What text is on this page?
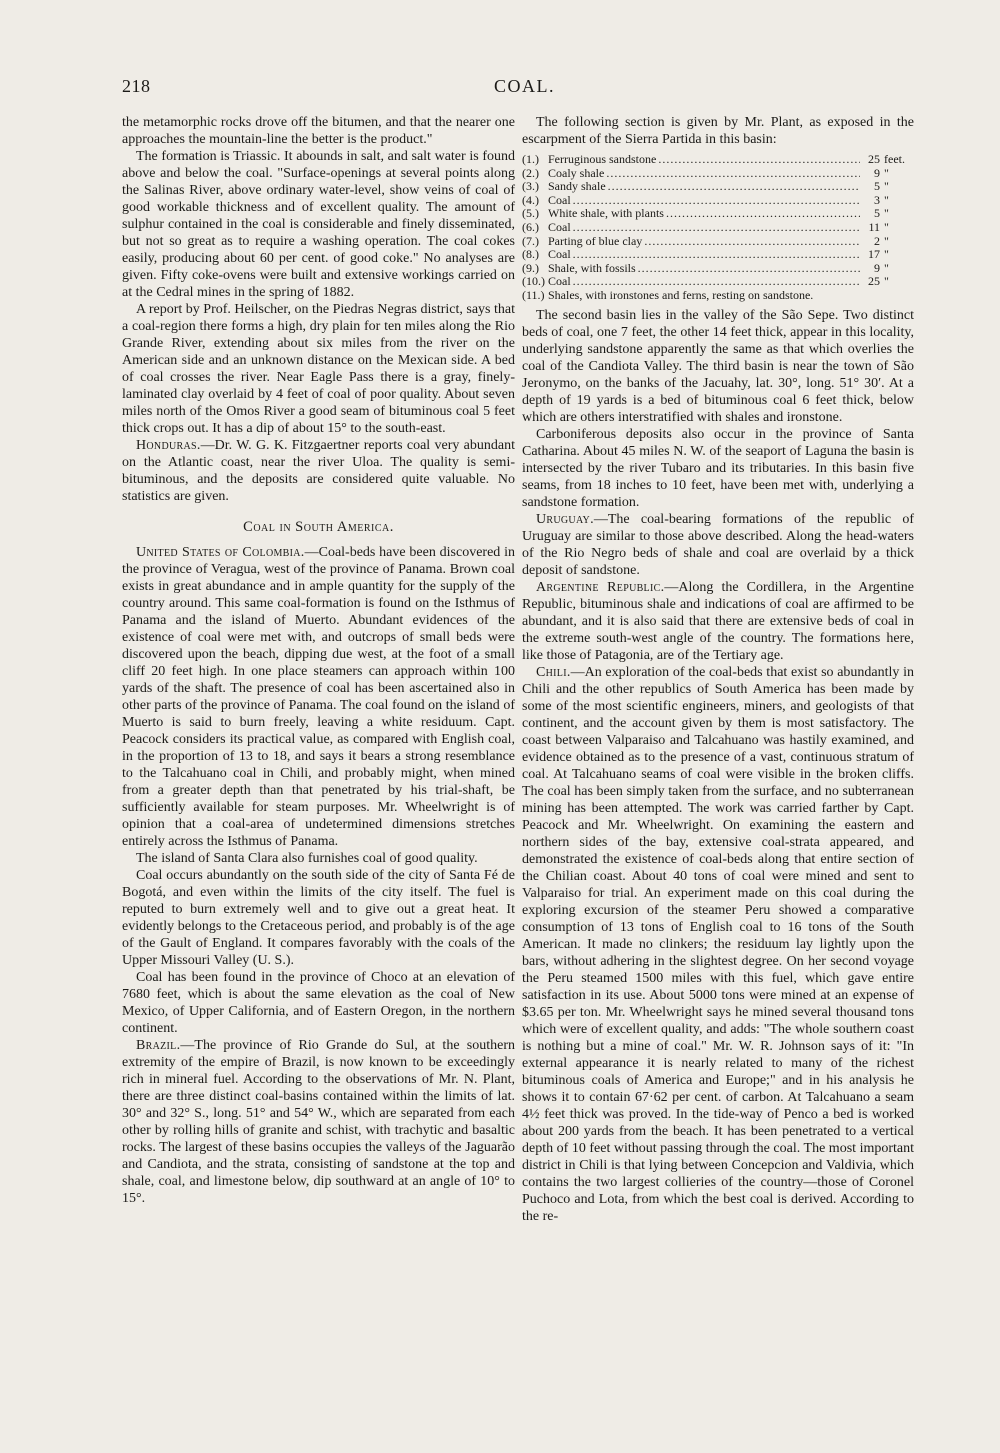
218	COAL.

the metamorphic rocks drove off the bitumen, and that the nearer one approaches the mountain-line the better is the product."

The formation is Triassic. It abounds in salt, and salt water is found above and below the coal. "Surface-openings at several points along the Salinas River, above ordinary water-level, show veins of coal of good workable thickness and of excellent quality. The amount of sulphur contained in the coal is considerable and finely disseminated, but not so great as to require a washing operation. The coal cokes easily, producing about 60 per cent. of good coke." No analyses are given. Fifty coke-ovens were built and extensive workings carried on at the Cedral mines in the spring of 1882.

A report by Prof. Heilscher, on the Piedras Negras district, says that a coal-region there forms a high, dry plain for ten miles along the Rio Grande River, extending about six miles from the river on the American side and an unknown distance on the Mexican side. A bed of coal crosses the river. Near Eagle Pass there is a gray, finely-laminated clay overlaid by 4 feet of coal of poor quality. About seven miles north of the Omos River a good seam of bituminous coal 5 feet thick crops out. It has a dip of about 15° to the south-east.

Honduras.—Dr. W. G. K. Fitzgaertner reports coal very abundant on the Atlantic coast, near the river Uloa. The quality is semi-bituminous, and the deposits are considered quite valuable. No statistics are given.

Coal in South America.

United States of Colombia.—Coal-beds have been discovered in the province of Veragua, west of the province of Panama. Brown coal exists in great abundance and in ample quantity for the supply of the country around. This same coal-formation is found on the Isthmus of Panama and the island of Muerto. Abundant evidences of the existence of coal were met with, and outcrops of small beds were discovered upon the beach, dipping due west, at the foot of a small cliff 20 feet high. In one place steamers can approach within 100 yards of the shaft. The presence of coal has been ascertained also in other parts of the province of Panama. The coal found on the island of Muerto is said to burn freely, leaving a white residuum. Capt. Peacock considers its practical value, as compared with English coal, in the proportion of 13 to 18, and says it bears a strong resemblance to the Talcahuano coal in Chili, and probably might, when mined from a greater depth than that penetrated by his trial-shaft, be sufficiently available for steam purposes. Mr. Wheelwright is of opinion that a coal-area of undetermined dimensions stretches entirely across the Isthmus of Panama.

The island of Santa Clara also furnishes coal of good quality.

Coal occurs abundantly on the south side of the city of Santa Fé de Bogotá, and even within the limits of the city itself. The fuel is reputed to burn extremely well and to give out a great heat. It evidently belongs to the Cretaceous period, and probably is of the age of the Gault of England. It compares favorably with the coals of the Upper Missouri Valley (U. S.).

Coal has been found in the province of Choco at an elevation of 7680 feet, which is about the same elevation as the coal of New Mexico, of Upper California, and of Eastern Oregon, in the northern continent.

Brazil.—The province of Rio Grande do Sul, at the southern extremity of the empire of Brazil, is now known to be exceedingly rich in mineral fuel. According to the observations of Mr. N. Plant, there are three distinct coal-basins contained within the limits of lat. 30° and 32° S., long. 51° and 54° W., which are separated from each other by rolling hills of granite and schist, with trachytic and basaltic rocks. The largest of these basins occupies the valleys of the Jaguarão and Candiota, and the strata, consisting of sandstone at the top and shale, coal, and limestone below, dip southward at an angle of 10° to 15°.

The following section is given by Mr. Plant, as exposed in the escarpment of the Sierra Partida in this basin:

(1.) Ferruginous sandstone .....	25 feet.
(2.) Coaly shale .....	9 "
(3.) Sandy shale .....	5 "
(4.) Coal .....	3 "
(5.) White shale, with plants .....	5 "
(6.) Coal .....	11 "
(7.) Parting of blue clay .....	2 "
(8.) Coal .....	17 "
(9.) Shale, with fossils .....	9 "
(10.) Coal .....	25 "
(11.) Shales, with ironstones and ferns, resting on sandstone.

The second basin lies in the valley of the São Sepe. Two distinct beds of coal, one 7 feet, the other 14 feet thick, appear in this locality, underlying sandstone apparently the same as that which overlies the coal of the Candiota Valley. The third basin is near the town of São Jeronymo, on the banks of the Jacuahy, lat. 30°, long. 51° 30′. At a depth of 19 yards is a bed of bituminous coal 6 feet thick, below which are others interstratified with shales and ironstone.

Carboniferous deposits also occur in the province of Santa Catharina. About 45 miles N. W. of the seaport of Laguna the basin is intersected by the river Tubaro and its tributaries. In this basin five seams, from 18 inches to 10 feet, have been met with, underlying a sandstone formation.

Uruguay.—The coal-bearing formations of the republic of Uruguay are similar to those above described. Along the head-waters of the Rio Negro beds of shale and coal are overlaid by a thick deposit of sandstone.

Argentine Republic.—Along the Cordillera, in the Argentine Republic, bituminous shale and indications of coal are affirmed to be abundant, and it is also said that there are extensive beds of coal in the extreme south-west angle of the country. The formations here, like those of Patagonia, are of the Tertiary age.

Chili.—An exploration of the coal-beds that exist so abundantly in Chili and the other republics of South America has been made by some of the most scientific engineers, miners, and geologists of that continent, and the account given by them is most satisfactory. The coast between Valparaiso and Talcahuano was hastily examined, and evidence obtained as to the presence of a vast, continuous stratum of coal. At Talcahuano seams of coal were visible in the broken cliffs. The coal has been simply taken from the surface, and no subterranean mining has been attempted. The work was carried farther by Capt. Peacock and Mr. Wheelwright. On examining the eastern and northern sides of the bay, extensive coal-strata appeared, and demonstrated the existence of coal-beds along that entire section of the Chilian coast. About 40 tons of coal were mined and sent to Valparaiso for trial. An experiment made on this coal during the exploring excursion of the steamer Peru showed a comparative consumption of 13 tons of English coal to 16 tons of the South American. It made no clinkers; the residuum lay lightly upon the bars, without adhering in the slightest degree. On her second voyage the Peru steamed 1500 miles with this fuel, which gave entire satisfaction in its use. About 5000 tons were mined at an expense of $3.65 per ton. Mr. Wheelwright says he mined several thousand tons which were of excellent quality, and adds: "The whole southern coast is nothing but a mine of coal." Mr. W. R. Johnson says of it: "In external appearance it is nearly related to many of the richest bituminous coals of America and Europe;" and in his analysis he shows it to contain 67·62 per cent. of carbon. At Talcahuano a seam 4½ feet thick was proved. In the tide-way of Penco a bed is worked about 200 yards from the beach. It has been penetrated to a vertical depth of 10 feet without passing through the coal. The most important district in Chili is that lying between Concepcion and Valdivia, which contains the two largest collieries of the country—those of Coronel Puchoco and Lota, from which the best coal is derived. According to the re-
